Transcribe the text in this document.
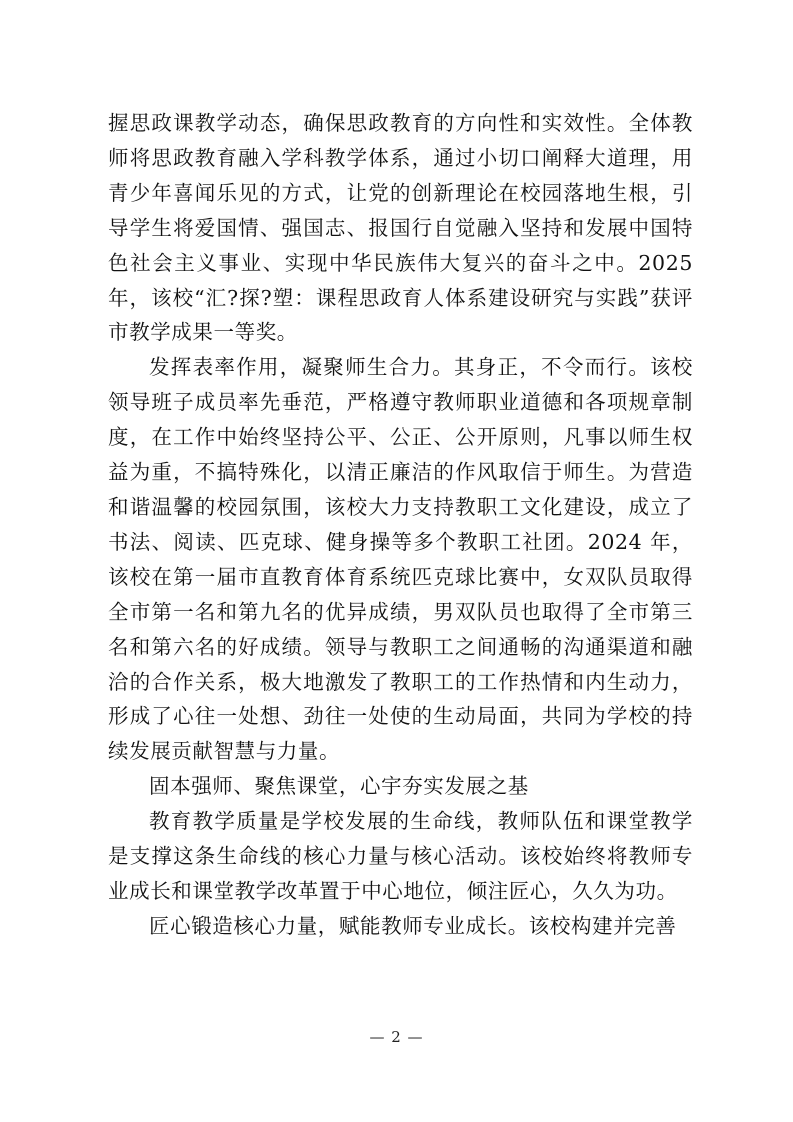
握思政课教学动态，确保思政教育的方向性和实效性。全体教师将思政教育融入学科教学体系，通过小切口阐释大道理，用青少年喜闻乐见的方式，让党的创新理论在校园落地生根，引导学生将爱国情、强国志、报国行自觉融入坚持和发展中国特色社会主义事业、实现中华民族伟大复兴的奋斗之中。2025 年，该校“汇?探?塑：课程思政育人体系建设研究与实践”获评市教学成果一等奖。

发挥表率作用，凝聚师生合力。其身正，不令而行。该校领导班子成员率先垂范，严格遵守教师职业道德和各项规章制度，在工作中始终坚持公平、公正、公开原则，凡事以师生权益为重，不搞特殊化，以清正廉洁的作风取信于师生。为营造和谐温馨的校园氛围，该校大力支持教职工文化建设，成立了书法、阅读、匹克球、健身操等多个教职工社团。2024 年，该校在第一届市直教育体育系统匹克球比赛中，女双队员取得全市第一名和第九名的优异成绩，男双队员也取得了全市第三名和第六名的好成绩。领导与教职工之间通畅的沟通渠道和融洽的合作关系，极大地激发了教职工的工作热情和内生动力，形成了心往一处想、劲往一处使的生动局面，共同为学校的持续发展贡献智慧与力量。

固本强师、聚焦课堂，心宇夯实发展之基

教育教学质量是学校发展的生命线，教师队伍和课堂教学是支撑这条生命线的核心力量与核心活动。该校始终将教师专业成长和课堂教学改革置于中心地位，倾注匠心，久久为功。

匠心锻造核心力量，赋能教师专业成长。该校构建并完善

— 2 —
